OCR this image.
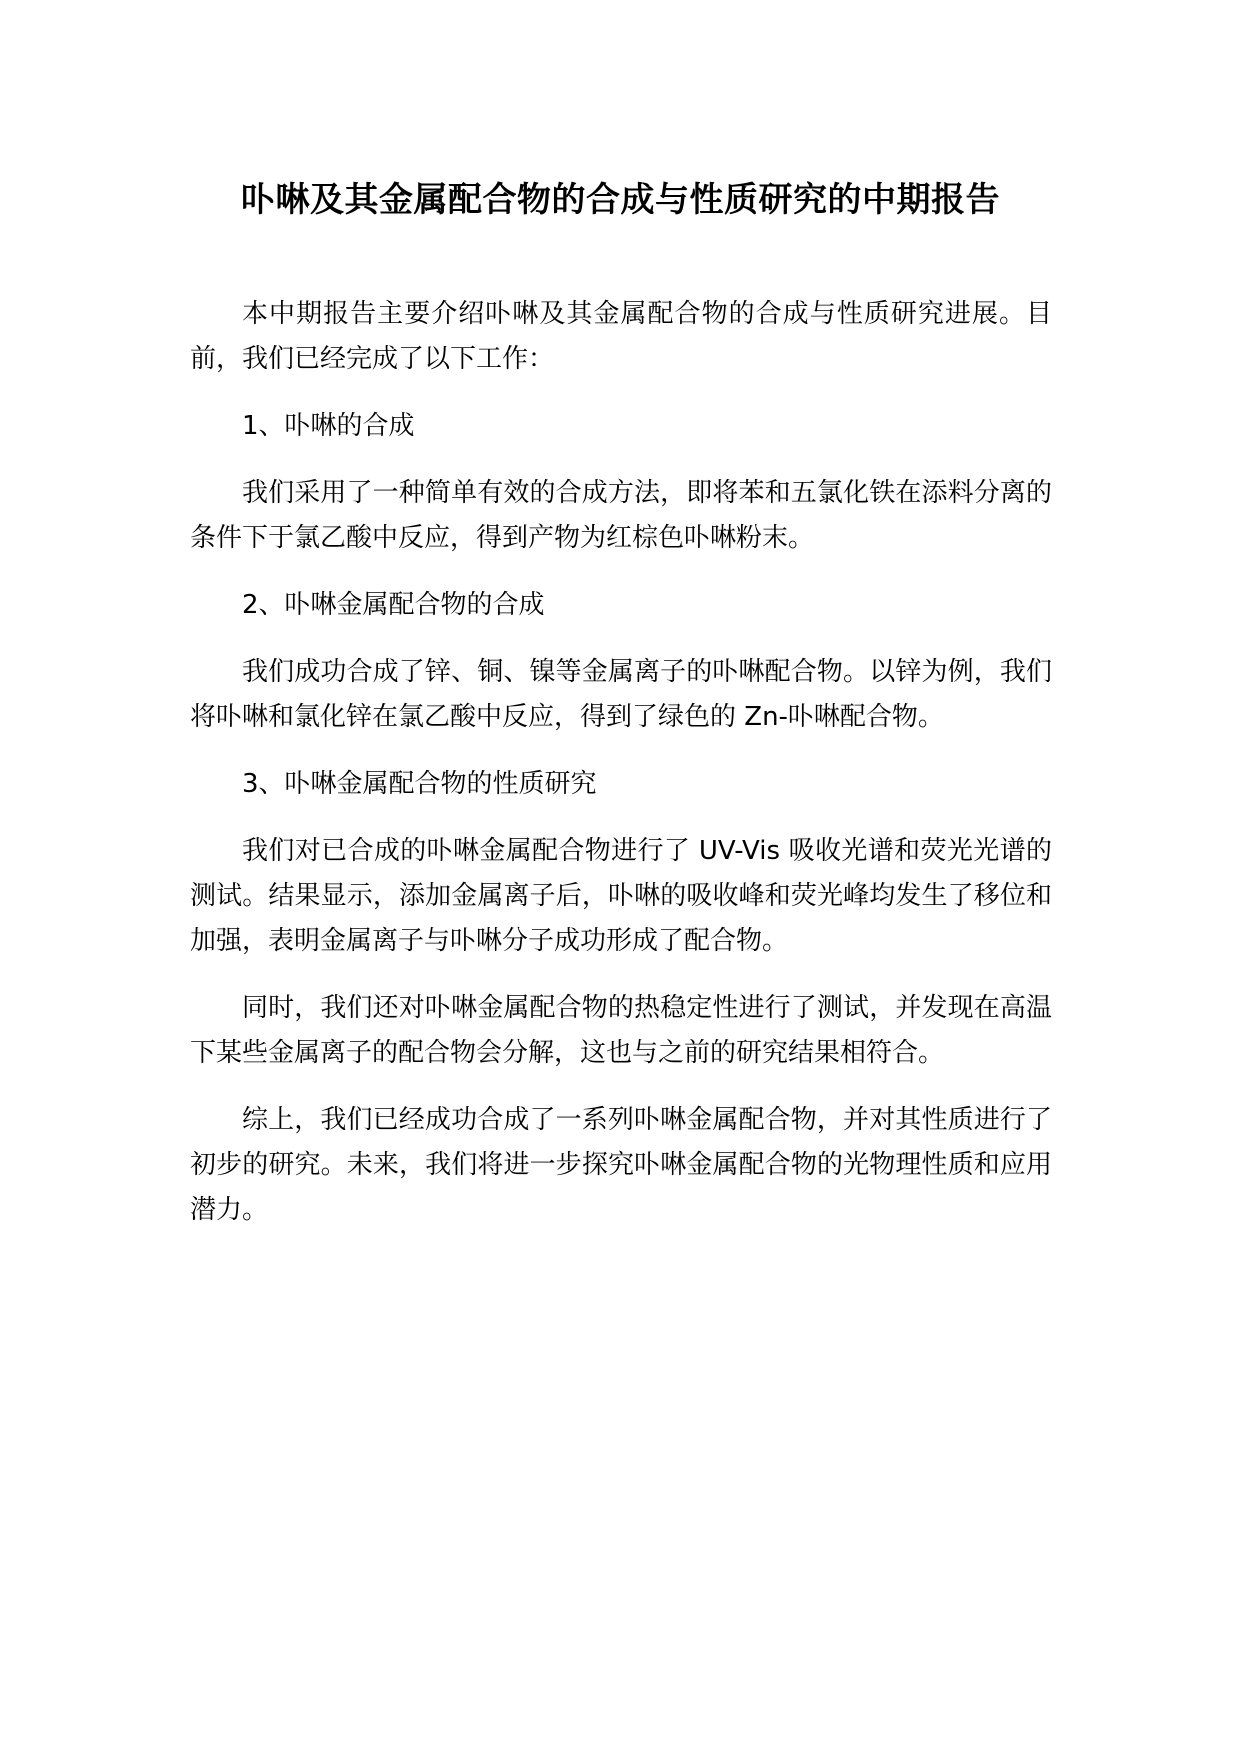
卟啉及其金属配合物的合成与性质研究的中期报告

本中期报告主要介绍卟啉及其金属配合物的合成与性质研究进展。目前，我们已经完成了以下工作：

1、卟啉的合成

我们采用了一种简单有效的合成方法，即将苯和五氯化铁在添料分离的条件下于氯乙酸中反应，得到产物为红棕色卟啉粉末。

2、卟啉金属配合物的合成

我们成功合成了锌、铜、镍等金属离子的卟啉配合物。以锌为例，我们将卟啉和氯化锌在氯乙酸中反应，得到了绿色的 Zn-卟啉配合物。

3、卟啉金属配合物的性质研究

我们对已合成的卟啉金属配合物进行了 UV-Vis 吸收光谱和荧光光谱的测试。结果显示，添加金属离子后，卟啉的吸收峰和荧光峰均发生了移位和加强，表明金属离子与卟啉分子成功形成了配合物。

同时，我们还对卟啉金属配合物的热稳定性进行了测试，并发现在高温下某些金属离子的配合物会分解，这也与之前的研究结果相符合。

综上，我们已经成功合成了一系列卟啉金属配合物，并对其性质进行了初步的研究。未来，我们将进一步探究卟啉金属配合物的光物理性质和应用潜力。
